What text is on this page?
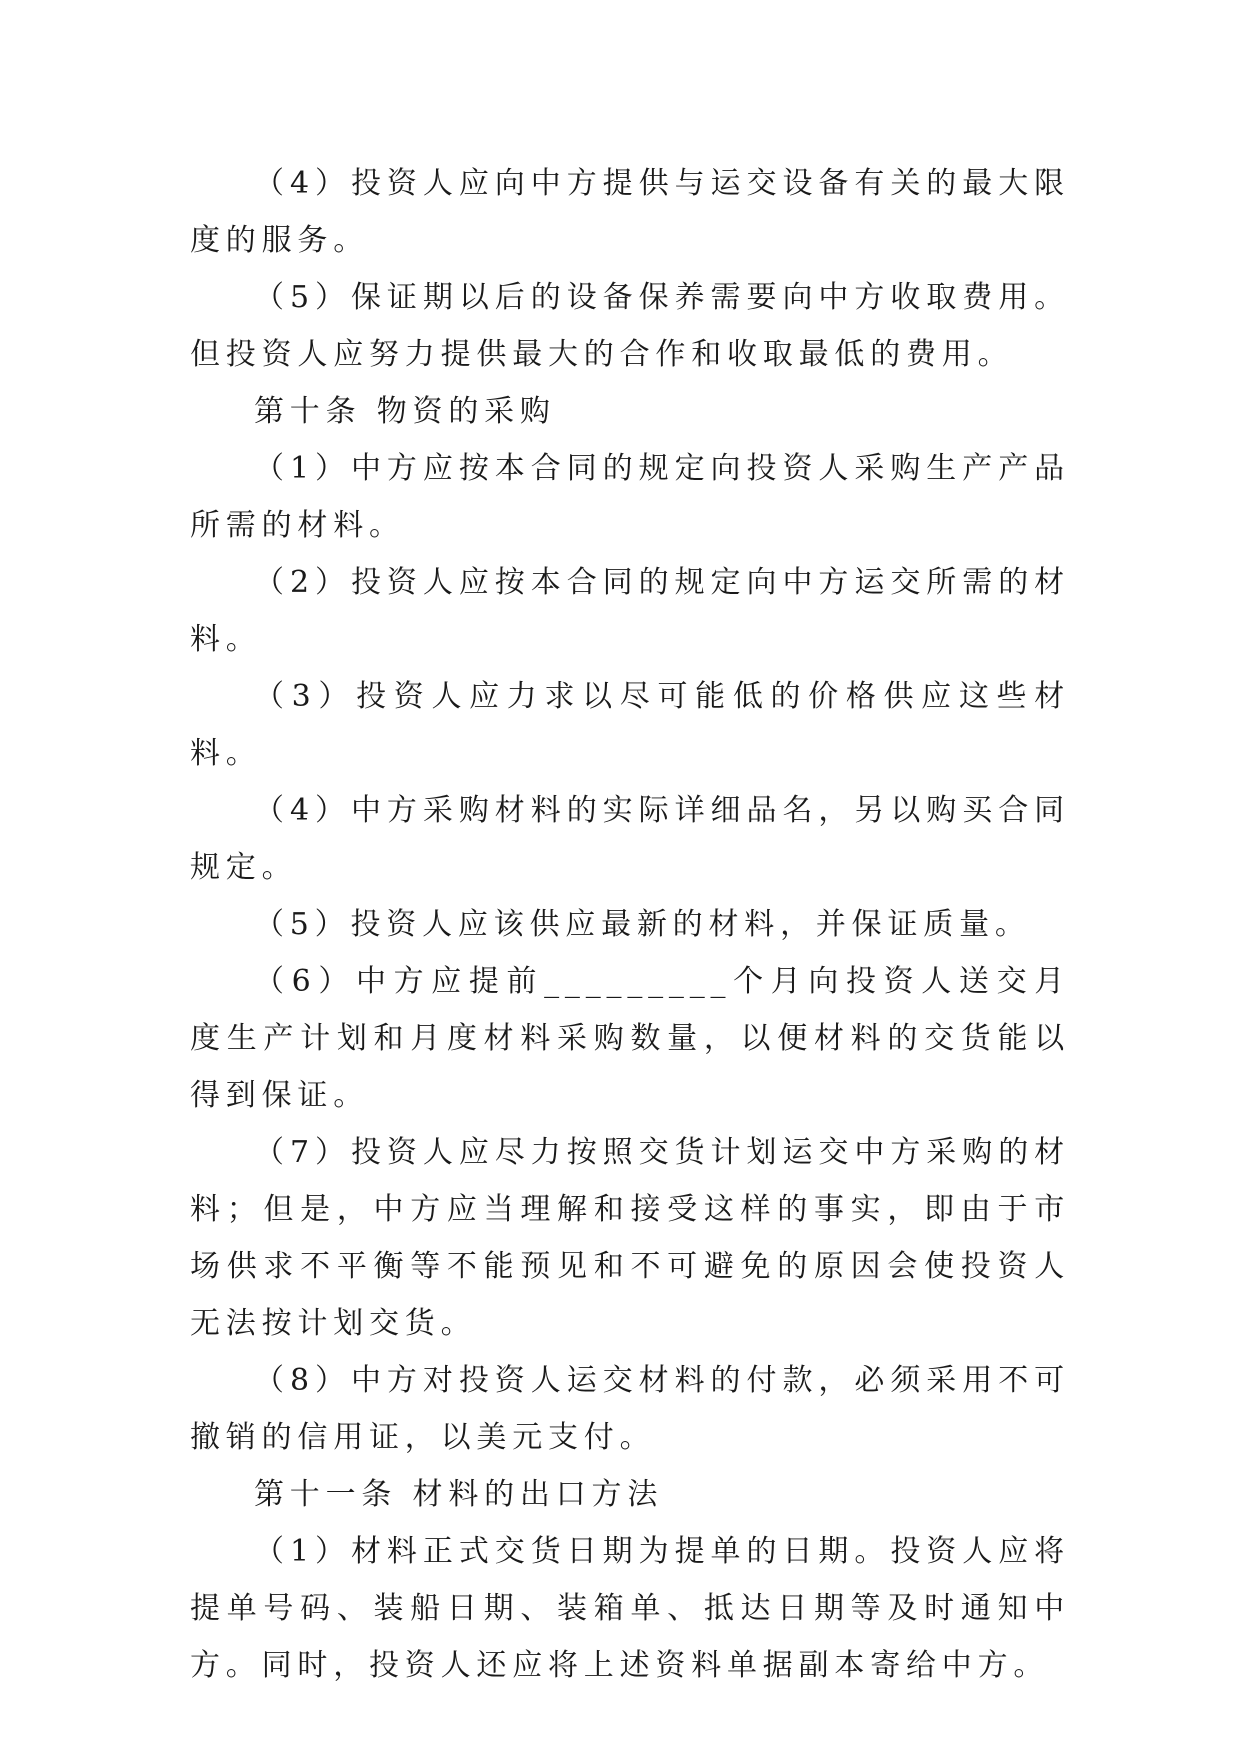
（4）投资人应向中方提供与运交设备有关的最大限度的服务。

（5）保证期以后的设备保养需要向中方收取费用。但投资人应努力提供最大的合作和收取最低的费用。

第十条 物资的采购

（1）中方应按本合同的规定向投资人采购生产产品所需的材料。

（2）投资人应按本合同的规定向中方运交所需的材料。

（3）投资人应力求以尽可能低的价格供应这些材料。

（4）中方采购材料的实际详细品名，另以购买合同规定。

（5）投资人应该供应最新的材料，并保证质量。

（6）中方应提前_________个月向投资人送交月度生产计划和月度材料采购数量，以便材料的交货能以得到保证。

（7）投资人应尽力按照交货计划运交中方采购的材料；但是，中方应当理解和接受这样的事实，即由于市场供求不平衡等不能预见和不可避免的原因会使投资人无法按计划交货。

（8）中方对投资人运交材料的付款，必须采用不可撤销的信用证，以美元支付。

第十一条 材料的出口方法

（1）材料正式交货日期为提单的日期。投资人应将提单号码、装船日期、装箱单、抵达日期等及时通知中方。同时，投资人还应将上述资料单据副本寄给中方。
